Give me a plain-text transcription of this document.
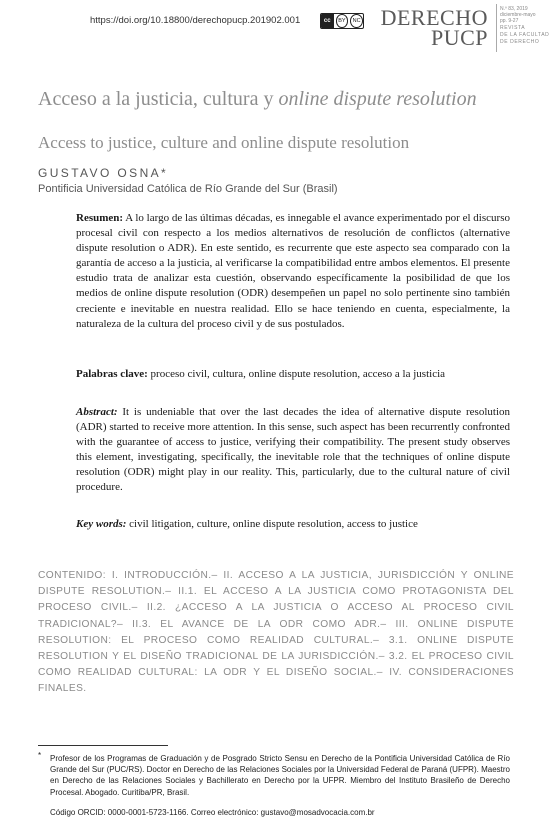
https://doi.org/10.18800/derechopucp.201902.001	cc	BY	NC DERECHO
PUCP
N.º 83, 2019
diciembre-mayo
pp. 9-27
REVISTA
DE LA FACULTAD
DE DERECHO
Acceso a la justicia, cultura y online dispute resolution
Access to justice, culture and online dispute resolution
GUSTAVO OSNA*
Pontificia Universidad Católica de Río Grande del Sur (Brasil)
Resumen: A lo largo de las últimas décadas, es innegable el avance experimentado por el discurso procesal civil con respecto a los medios alternativos de resolución de conflictos (alternative dispute resolution o ADR). En este sentido, es recurrente que este aspecto sea comparado con la garantía de acceso a la justicia, al verificarse la compatibilidad entre ambos elementos. El presente estudio trata de analizar esta cuestión, observando específicamente la posibilidad de que los medios de online dispute resolution (ODR) desempeñen un papel no solo pertinente sino también creciente e inevitable en nuestra realidad. Ello se hace teniendo en cuenta, especialmente, la naturaleza de la cultura del proceso civil y de sus postulados.
Palabras clave: proceso civil, cultura, online dispute resolution, acceso a la justicia
Abstract: It is undeniable that over the last decades the idea of alternative dispute resolution (ADR) started to receive more attention. In this sense, such aspect has been recurrently confronted with the guarantee of access to justice, verifying their compatibility. The present study observes this element, investigating, specifically, the inevitable role that the techniques of online dispute resolution (ODR) might play in our reality. This, particularly, due to the cultural nature of civil procedure.
Key words: civil litigation, culture, online dispute resolution, access to justice
CONTENIDO: I. INTRODUCCIÓN.– II. ACCESO A LA JUSTICIA, JURISDICCIÓN Y ONLINE DISPUTE RESOLUTION.– II.1. EL ACCESO A LA JUSTICIA COMO PROTAGONISTA DEL PROCESO CIVIL.– II.2. ¿ACCESO A LA JUSTICIA O ACCESO AL PROCESO CIVIL TRADICIONAL?– II.3. EL AVANCE DE LA ODR COMO ADR.– III. ONLINE DISPUTE RESOLUTION: EL PROCESO COMO REALIDAD CULTURAL.– 3.1. ONLINE DISPUTE RESOLUTION Y EL DISEÑO TRADICIONAL DE LA JURISDICCIÓN.– 3.2. EL PROCESO CIVIL COMO REALIDAD CULTURAL: LA ODR Y EL DISEÑO SOCIAL.– IV. CONSIDERACIONES FINALES.
* Profesor de los Programas de Graduación y de Posgrado Stricto Sensu en Derecho de la Pontificia Universidad Católica de Río Grande del Sur (PUC/RS). Doctor en Derecho de las Relaciones Sociales por la Universidad Federal de Paraná (UFPR). Maestro en Derecho de las Relaciones Sociales y Bachillerato en Derecho por la UFPR. Miembro del Instituto Brasileño de Derecho Procesal. Abogado. Curitiba/PR, Brasil.
Código ORCID: 0000-0001-5723-1166. Correo electrónico: gustavo@mosadvocacia.com.br
